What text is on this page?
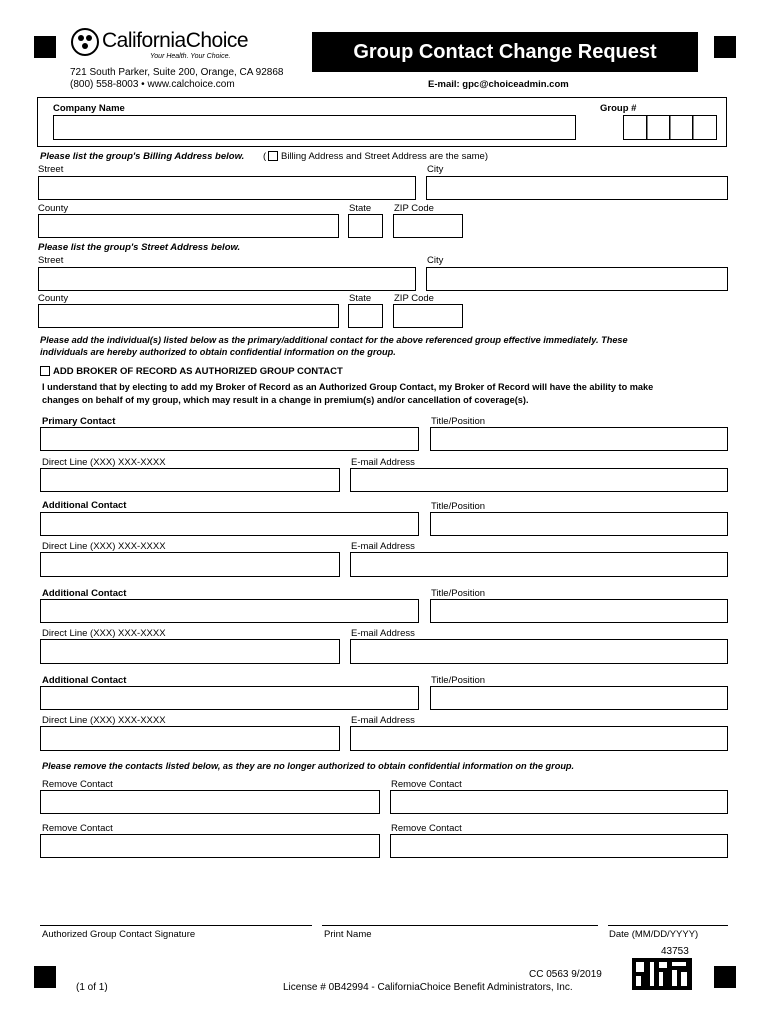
CaliforniaChoice
Your Health. Your Choice.
721 South Parker, Suite 200, Orange, CA 92868
(800) 558-8003 • www.calchoice.com
Group Contact Change Request
E-mail: gpc@choiceadmin.com
Company Name	Group #
Please list the group's Billing Address below. ( Billing Address and Street Address are the same)
Street	City
County	State ZIP Code
Please list the group's Street Address below.
Street	City
County	State ZIP Code
Please add the individual(s) listed below as the primary/additional contact for the above referenced group effective immediately. These
individuals are hereby authorized to obtain confidential information on the group.
ADD BROKER OF RECORD AS AUTHORIZED GROUP CONTACT
I understand that by electing to add my Broker of Record as an Authorized Group Contact, my Broker of Record will have the ability to make
changes on behalf of my group, which may result in a change in premium(s) and/or cancellation of coverage(s).
Primary Contact	Title/Position
Direct Line (XXX) XXX-XXXX	E-mail Address
Additional Contact	Title/Position
Direct Line (XXX) XXX-XXXX	E-mail Address
Additional Contact	Title/Position
Direct Line (XXX) XXX-XXXX	E-mail Address
Additional Contact	Title/Position
Direct Line (XXX) XXX-XXXX	E-mail Address
Please remove the contacts listed below, as they are no longer authorized to obtain confidential information on the group.
Remove Contact	Remove Contact
Remove Contact	Remove Contact
Authorized Group Contact Signature	Print Name	Date (MM/DD/YYYY)
43753
CC 0563 9/2019
License # 0B42994 - CaliforniaChoice Benefit Administrators, Inc.
(1 of 1)
